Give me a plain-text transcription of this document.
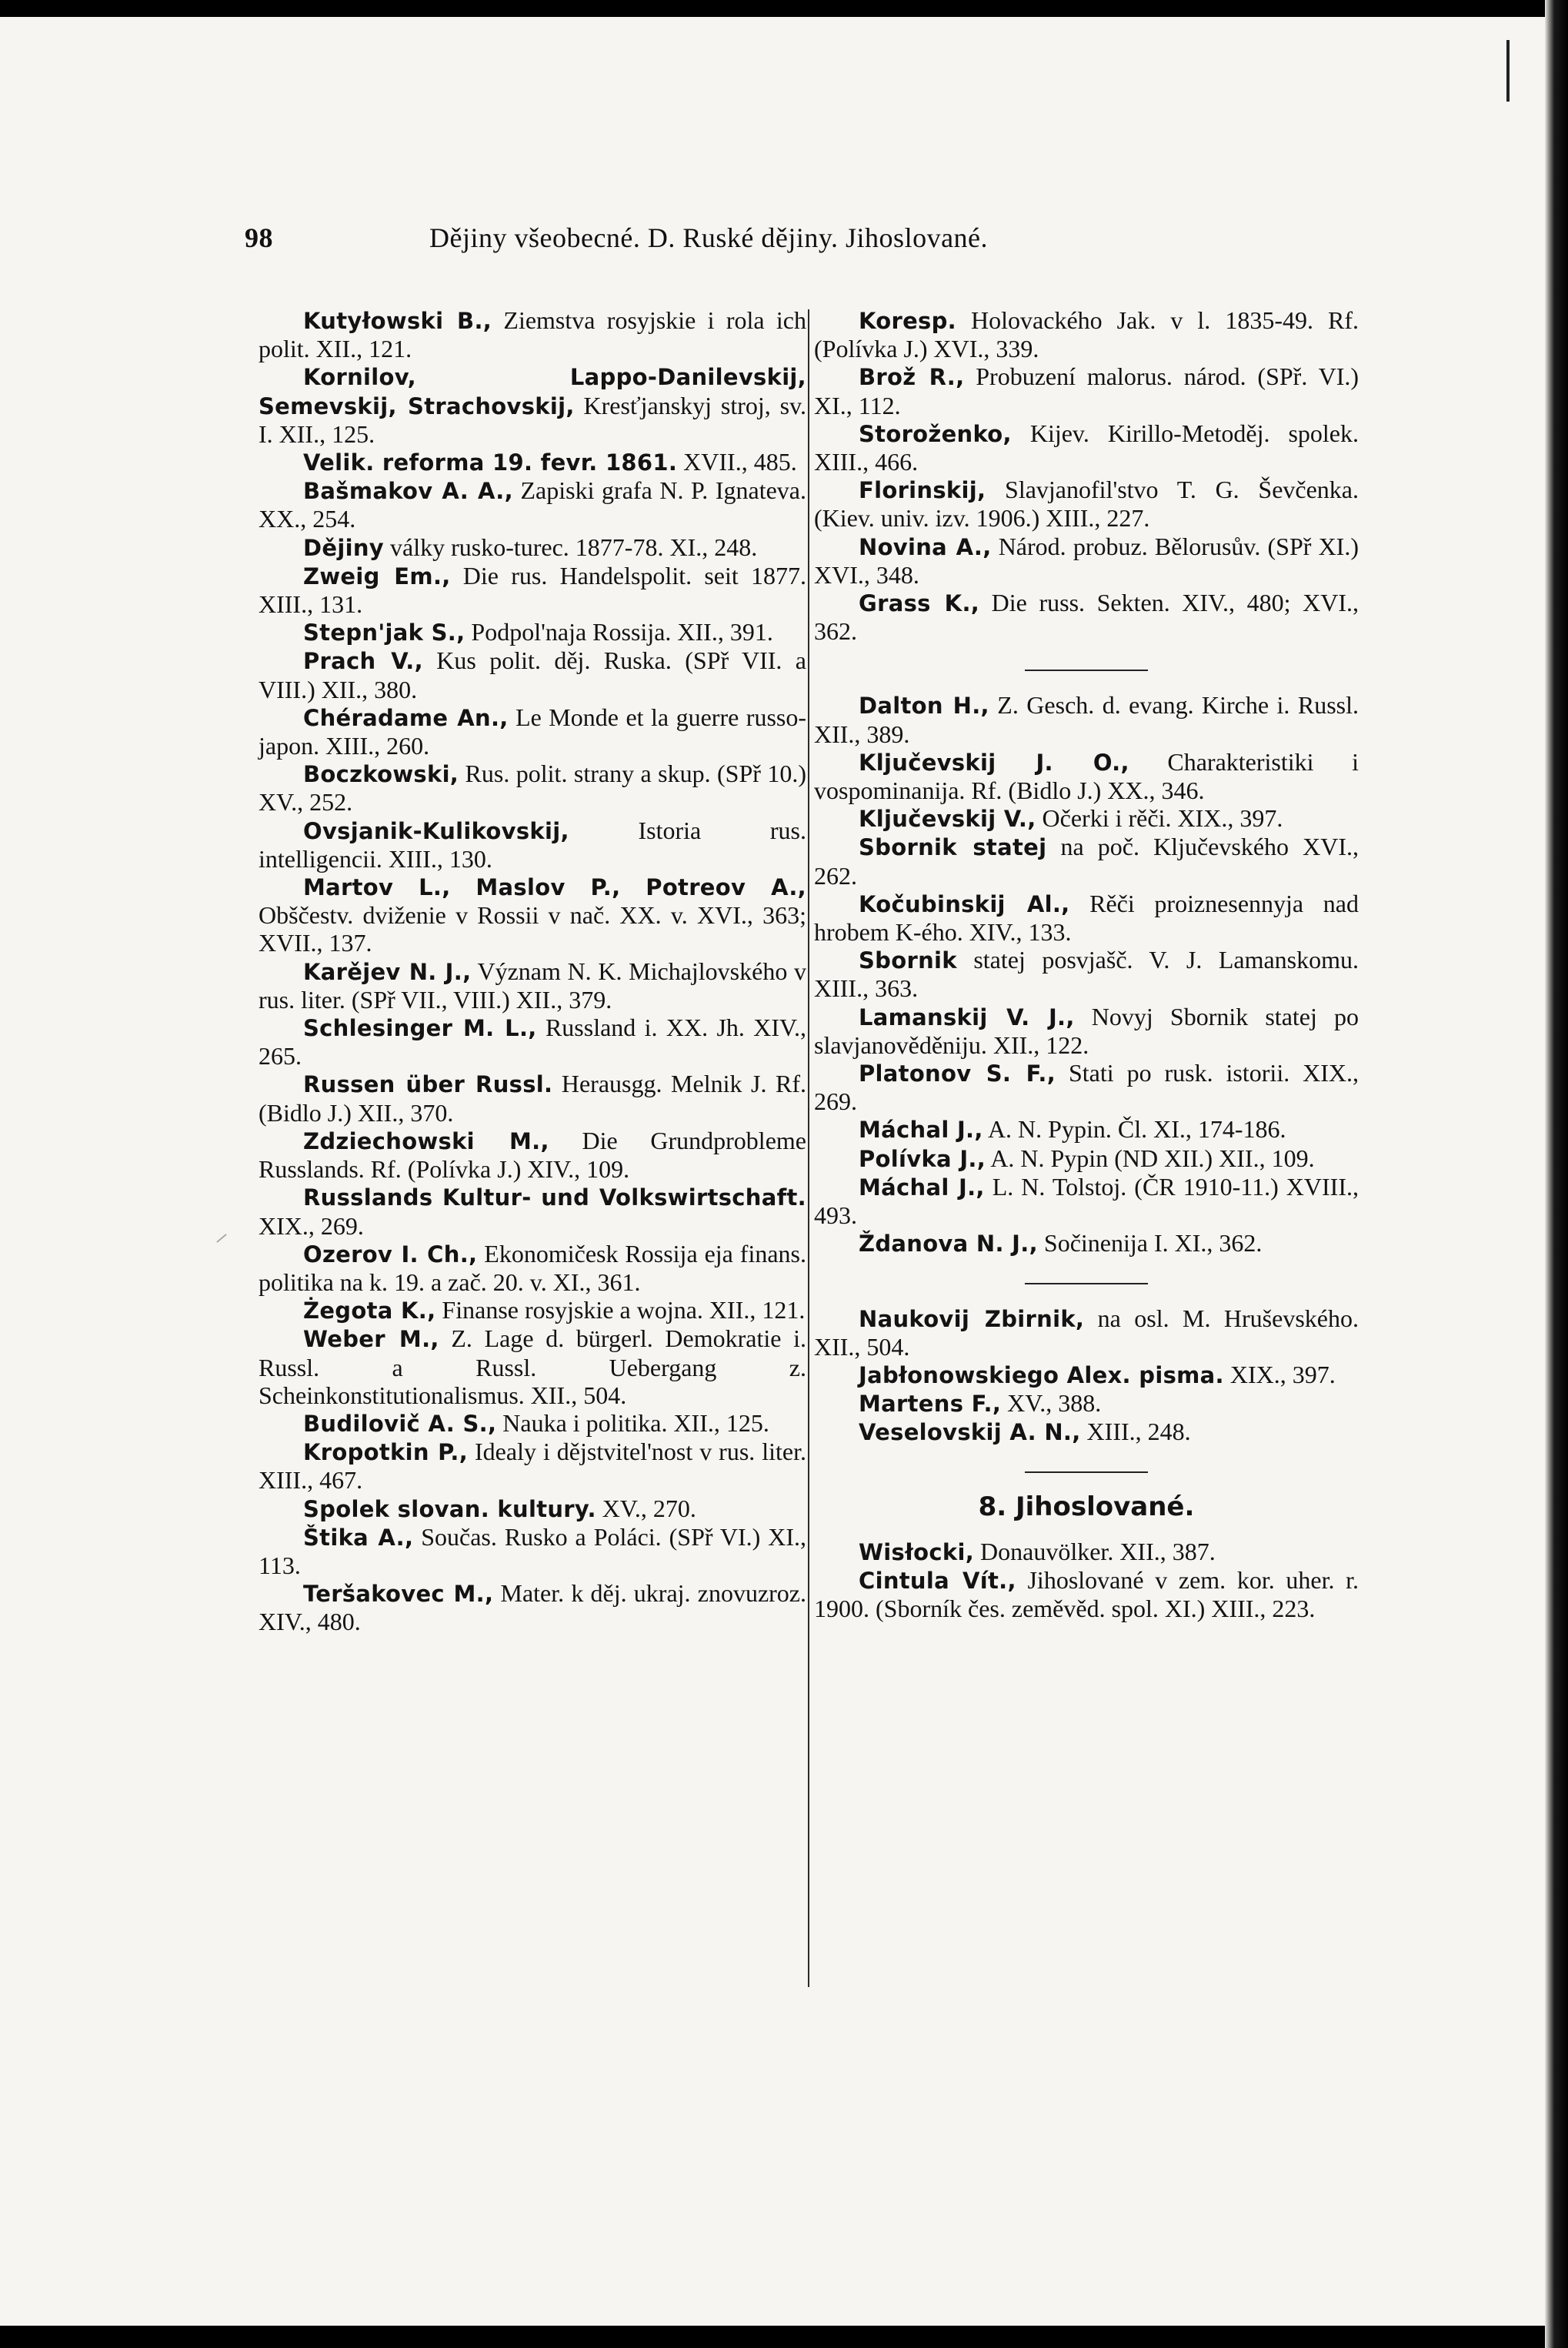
98	Dějiny všeobecné. D. Ruské dějiny. Jihoslované.

Kutyłowski B., Ziemstva rosyjskie i rola ich polit. XII., 121.

Kornilov, Lappo-Danilevskij, Semevskij, Strachovskij, Kresťjanskyj stroj, sv. I. XII., 125.

Velik. reforma 19. fevr. 1861. XVII., 485.

Bašmakov A. A., Zapiski grafa N. P. Ignateva. XX., 254.

Dějiny války rusko-turec. 1877-78. XI., 248.

Zweig Em., Die rus. Handelspolit. seit 1877. XIII., 131.

Stepn'jak S., Podpol'naja Rossija. XII., 391.

Prach V., Kus polit. děj. Ruska. (SPř VII. a VIII.) XII., 380.

Chéradame An., Le Monde et la guerre russo-japon. XIII., 260.

Boczkowski, Rus. polit. strany a skup. (SPř 10.) XV., 252.

Ovsjanik-Kulikovskij, Istoria rus. intelligencii. XIII., 130.

Martov L., Maslov P., Potreov A., Obščestv. dviženie v Rossii v nač. XX. v. XVI., 363; XVII., 137.

Karějev N. J., Význam N. K. Michajlovského v rus. liter. (SPř VII., VIII.) XII., 379.

Schlesinger M. L., Russland i. XX. Jh. XIV., 265.

Russen über Russl. Herausgg. Melnik J. Rf. (Bidlo J.) XII., 370.

Zdziechowski M., Die Grundprobleme Russlands. Rf. (Polívka J.) XIV., 109.

Russlands Kultur- und Volkswirtschaft. XIX., 269.

Ozerov I. Ch., Ekonomičesk Rossija eja finans. politika na k. 19. a zač. 20. v. XI., 361.

Żegota K., Finanse rosyjskie a wojna. XII., 121.

Weber M., Z. Lage d. bürgerl. Demokratie i. Russl. a Russl. Uebergang z. Scheinkonstitutionalismus. XII., 504.

Budilovič A. S., Nauka i politika. XII., 125.

Kropotkin P., Idealy i dějstvitel'nost v rus. liter. XIII., 467.

Spolek slovan. kultury. XV., 270.

Štika A., Součas. Rusko a Poláci. (SPř VI.) XI., 113.

Teršakovec M., Mater. k děj. ukraj. znovuzroz. XIV., 480.

Koresp. Holovackého Jak. v l. 1835-49. Rf. (Polívka J.) XVI., 339.

Brož R., Probuzení malorus. národ. (SPř. VI.) XI., 112.

Storoženko, Kijev. Kirillo-Metoděj. spolek. XIII., 466.

Florinskij, Slavjanofil'stvo T. G. Ševčenka. (Kiev. univ. izv. 1906.) XIII., 227.

Novina A., Národ. probuz. Bělorusův. (SPř XI.) XVI., 348.

Grass K., Die russ. Sekten. XIV., 480; XVI., 362.

Dalton H., Z. Gesch. d. evang. Kirche i. Russl. XII., 389.

Ključevskij J. O., Charakteristiki i vospominanija. Rf. (Bidlo J.) XX., 346.

Ključevskij V., Očerki i rěči. XIX., 397.

Sbornik statej na poč. Ključevského XVI., 262.

Kočubinskij Al., Rěči proiznesennyja nad hrobem K-ého. XIV., 133.

Sbornik statej posvjašč. V. J. Lamanskomu. XIII., 363.

Lamanskij V. J., Novyj Sbornik statej po slavjanověděniju. XII., 122.

Platonov S. F., Stati po rusk. istorii. XIX., 269.

Máchal J., A. N. Pypin. Čl. XI., 174-186.

Polívka J., A. N. Pypin (ND XII.) XII., 109.

Máchal J., L. N. Tolstoj. (ČR 1910-11.) XVIII., 493.

Ždanova N. J., Sočinenija I. XI., 362.

Naukovij Zbirnik, na osl. M. Hruševského. XII., 504.

Jabłonowskiego Alex. pisma. XIX., 397.

Martens F., XV., 388.

Veselovskij A. N., XIII., 248.

8. Jihoslované.

Wisłocki, Donauvölker. XII., 387.

Cintula Vít., Jihoslované v zem. kor. uher. r. 1900. (Sborník čes. zeměvěd. spol. XI.) XIII., 223.
